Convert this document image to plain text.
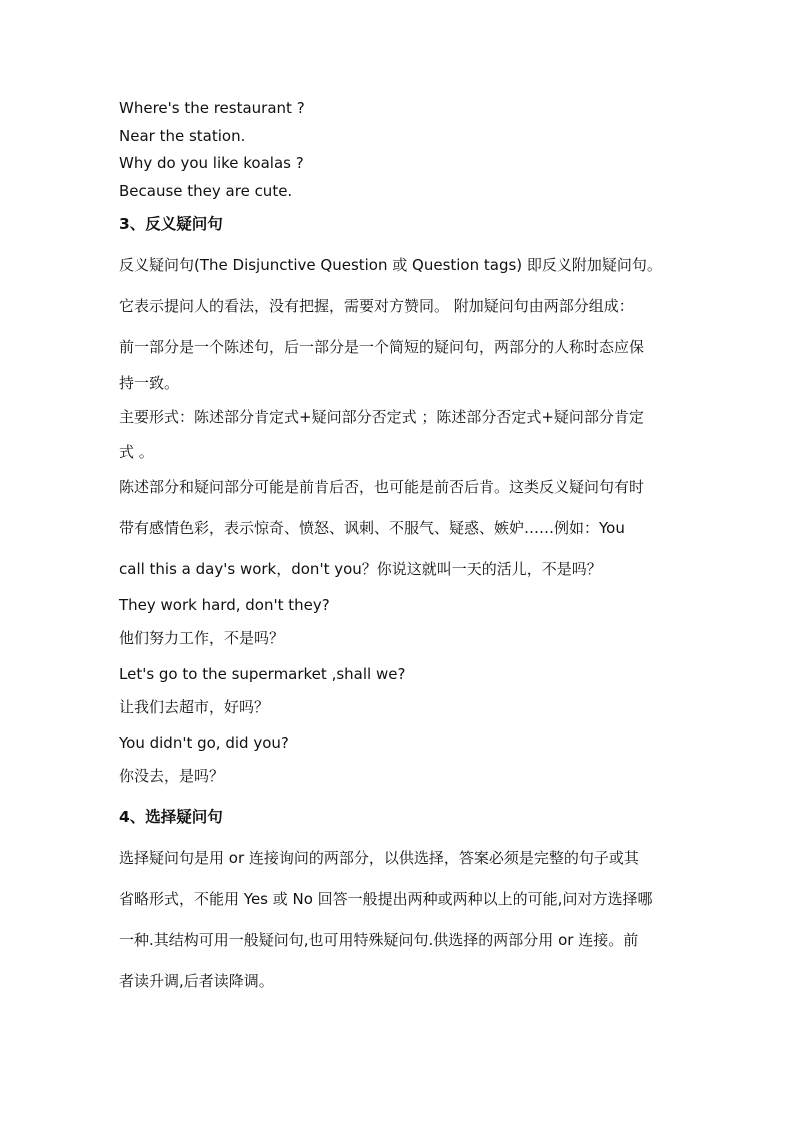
Where's the restaurant ?

Near the station.

Why do you like koalas ?

Because they are cute.

3、反义疑问句

反义疑问句(The Disjunctive Question 或 Question tags) 即反义附加疑问句。

它表示提问人的看法，没有把握，需要对方赞同。 附加疑问句由两部分组成：

前一部分是一个陈述句，后一部分是一个简短的疑问句，两部分的人称时态应保

持一致。

主要形式：陈述部分肯定式+疑问部分否定式 ；陈述部分否定式+疑问部分肯定

式 。

陈述部分和疑问部分可能是前肯后否，也可能是前否后肯。这类反义疑问句有时

带有感情色彩，表示惊奇、愤怒、讽刺、不服气、疑惑、嫉妒……例如：You

call this a day's work，don't you？你说这就叫一天的活儿，不是吗？

They work hard, don't they?

他们努力工作，不是吗？

Let's go to the supermarket ,shall we?

让我们去超市，好吗？

You didn't go, did you?

你没去，是吗？

4、选择疑问句

选择疑问句是用 or 连接询问的两部分，以供选择，答案必须是完整的句子或其

省略形式，不能用 Yes 或 No 回答一般提出两种或两种以上的可能,问对方选择哪

一种.其结构可用一般疑问句,也可用特殊疑问句.供选择的两部分用 or 连接。前

者读升调,后者读降调。
